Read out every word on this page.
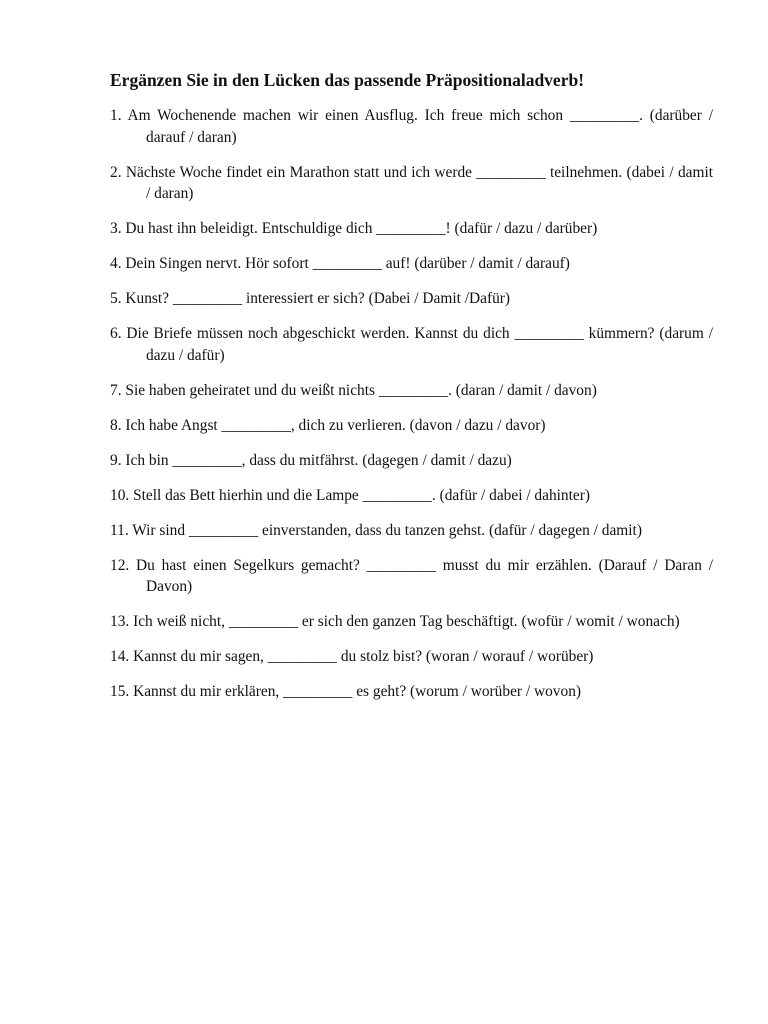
Ergänzen Sie in den Lücken das passende Präpositionaladverb!
1. Am Wochenende machen wir einen Ausflug. Ich freue mich schon _________. (darüber / darauf / daran)
2. Nächste Woche findet ein Marathon statt und ich werde _________ teilnehmen. (dabei / damit / daran)
3. Du hast ihn beleidigt. Entschuldige dich _________! (dafür / dazu / darüber)
4. Dein Singen nervt. Hör sofort _________ auf! (darüber / damit / darauf)
5. Kunst? _________ interessiert er sich? (Dabei / Damit /Dafür)
6. Die Briefe müssen noch abgeschickt werden. Kannst du dich _________ kümmern? (darum / dazu / dafür)
7. Sie haben geheiratet und du weißt nichts _________. (daran / damit / davon)
8. Ich habe Angst _________, dich zu verlieren. (davon / dazu / davor)
9. Ich bin _________, dass du mitfährst. (dagegen / damit / dazu)
10. Stell das Bett hierhin und die Lampe _________. (dafür / dabei / dahinter)
11. Wir sind _________ einverstanden, dass du tanzen gehst. (dafür / dagegen / damit)
12. Du hast einen Segelkurs gemacht? _________ musst du mir erzählen. (Darauf / Daran / Davon)
13. Ich weiß nicht, _________ er sich den ganzen Tag beschäftigt. (wofür / womit / wonach)
14. Kannst du mir sagen, _________ du stolz bist? (woran / worauf / worüber)
15. Kannst du mir erklären, _________ es geht? (worum / worüber / wovon)
